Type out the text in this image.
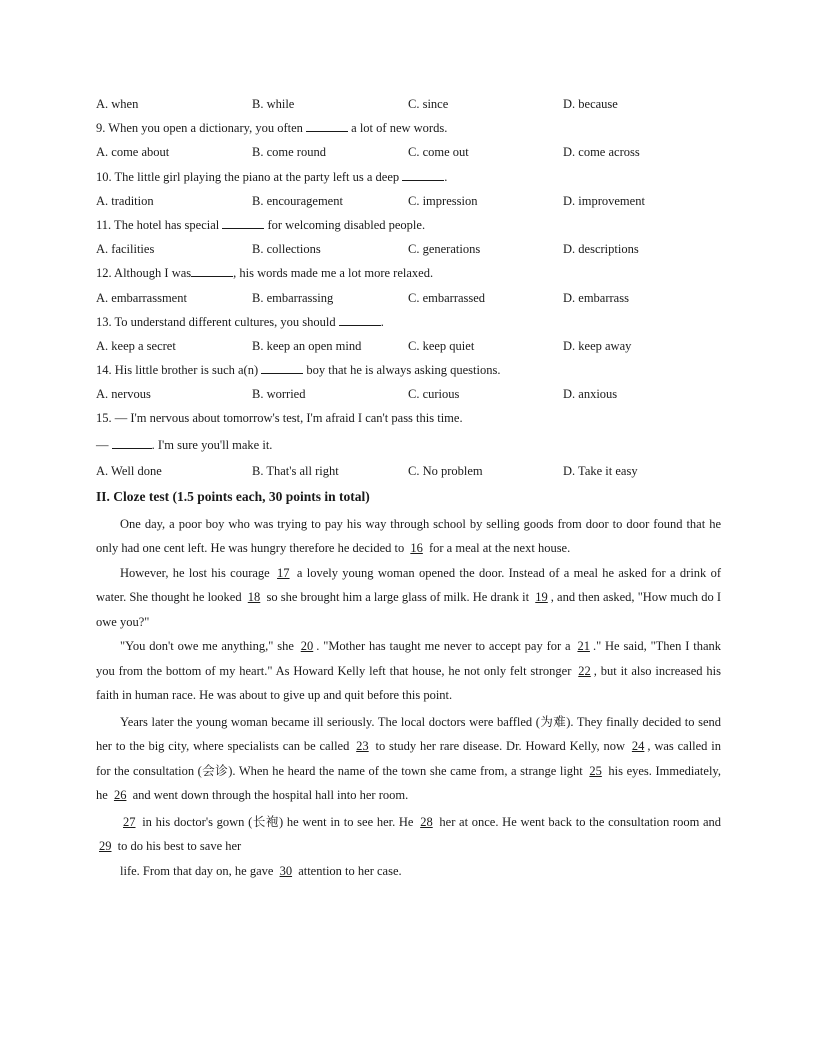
A. when	B. while	C. since	D. because
9. When you open a dictionary, you often	a lot of new words.
A. come about	B. come round	C. come out	D. come across
10. The little girl playing the piano at the party left us a deep	.
A. tradition	B. encouragement	C. impression	D. improvement
11. The hotel has special	for welcoming disabled people.
A. facilities	B. collections	C. generations	D. descriptions
12. Although I was	, his words made me a lot more relaxed.
A. embarrassment	B. embarrassing	C. embarrassed	D. embarrass
13. To understand different cultures, you should	.
A. keep a secret	B. keep an open mind	C. keep quiet	D. keep away
14. His little brother is such a(n)	boy that he is always asking questions.
A. nervous	B. worried	C. curious	D. anxious
15. — I'm nervous about tomorrow's test, I'm afraid I can't pass this time.
—	. I'm sure you'll make it.
A. Well done	B. That's all right	C. No problem	D. Take it easy
II. Cloze test (1.5 points each, 30 points in total)
One day, a poor boy who was trying to pay his way through school by selling goods from door to door found that he only had one cent left. He was hungry therefore he decided to 16 for a meal at the next house.
However, he lost his courage 17 a lovely young woman opened the door. Instead of a meal he asked for a drink of water. She thought he looked 18 so she brought him a large glass of milk. He drank it 19 , and then asked, "How much do I owe you?"
"You don't owe me anything," she 20 . "Mother has taught me never to accept pay for a 21 ." He said, "Then I thank you from the bottom of my heart." As Howard Kelly left that house, he not only felt stronger 22 , but it also increased his faith in human race. He was about to give up and quit before this point.
Years later the young woman became ill seriously. The local doctors were baffled (为难). They finally decided to send her to the big city, where specialists can be called 23 to study her rare disease. Dr. Howard Kelly, now 24 , was called in for the consultation (会诊). When he heard the name of the town she came from, a strange light 25 his eyes. Immediately, he 26 and went down through the hospital hall into her room.
27 in his doctor's gown (长袍) he went in to see her. He 28 her at once. He went back to the consultation room and 29 to do his best to save her
life. From that day on, he gave 30 attention to her case.
